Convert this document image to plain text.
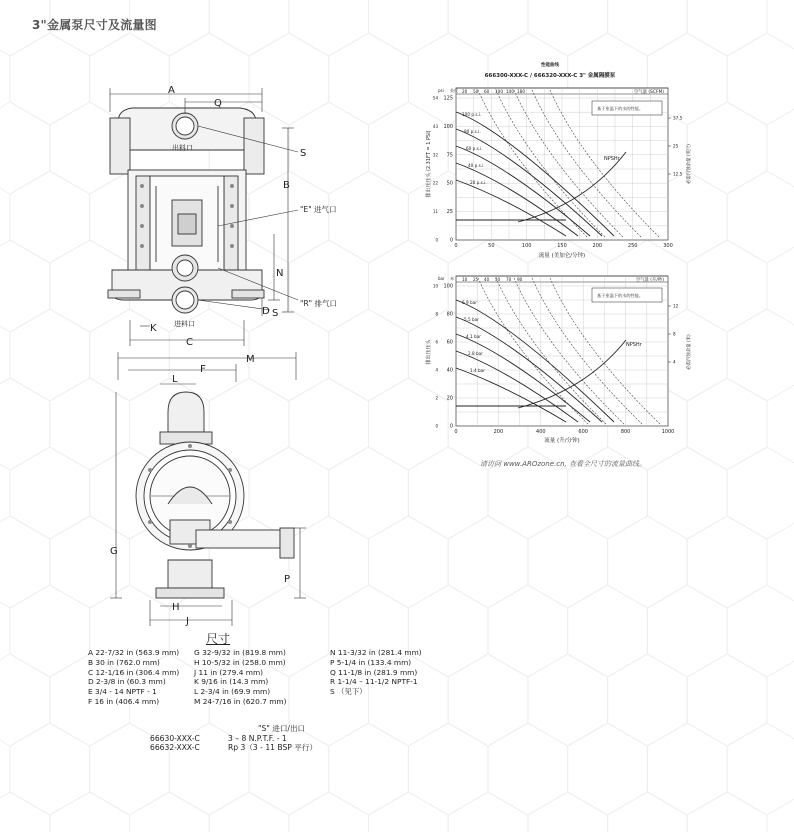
3"金属泵尺寸及流量图
A
Q
S
B
出料口
"E" 进气口
N
"R" 排气口
D
K 进料口
C
S
M
F
L
G
P
H
J
性能曲线
666300-XXX-C / 666320-XXX-C 3" 金属隔膜泵
空气量 (SCFM)
20 50 60 100 140 180
0	50	100	150	200	250	300
0
25
50
75
100
125
54
43
32
22
11
0
37.5
25
12.5
英尺
psi
排出压压头 (2.31FT = 1 PSI)	必需汽蚀余量 (英尺)
流量 (美加仑/分钟)
基于室温下的水的性能。
NPSHr
100 p.s.i.
80 p.s.i.
60 p.s.i.
40 p.s.i.
20 p.s.i.
空气量 (升/秒)
10 25 40 50 70 90
0	200	400	600	800	1000
0
20
40
60
80
100
10
8
6
4
2
0
12
8
4
米
bar
排出压压头	必需汽蚀余量 (米)
流量 (升/分钟)
基于室温下的水的性能。
NPSHr
6.9 bar
5.5 bar
4.1 bar
2.8 bar
1.4 bar
请访问 www.AROzone.cn, 查看全尺寸的流量曲线。
尺寸
A 22-7/32 in (563.9 mm)
B 30 in (762.0 mm)
C 12-1/16 in (306.4 mm)
D 2-3/8 in (60.3 mm)
E 3/4 - 14 NPTF - 1
F 16 in (406.4 mm)
G 32-9/32 in (819.8 mm)
H 10-5/32 in (258.0 mm)
J 11 in (279.4 mm)
K 9/16 in (14.3 mm)
L 2-3/4 in (69.9 mm)
M 24-7/16 in (620.7 mm)
N 11-3/32 in (281.4 mm)
P 5-1/4 in (133.4 mm)
Q 11-1/8 in (281.9 mm)
R 1-1/4 – 11-1/2 NPTF-1
S （见下）
"S" 进口/出口
66630-XXX-C	3 – 8 N.P.T.F. - 1
66632-XXX-C	Rp 3（3 - 11 BSP 平行）
